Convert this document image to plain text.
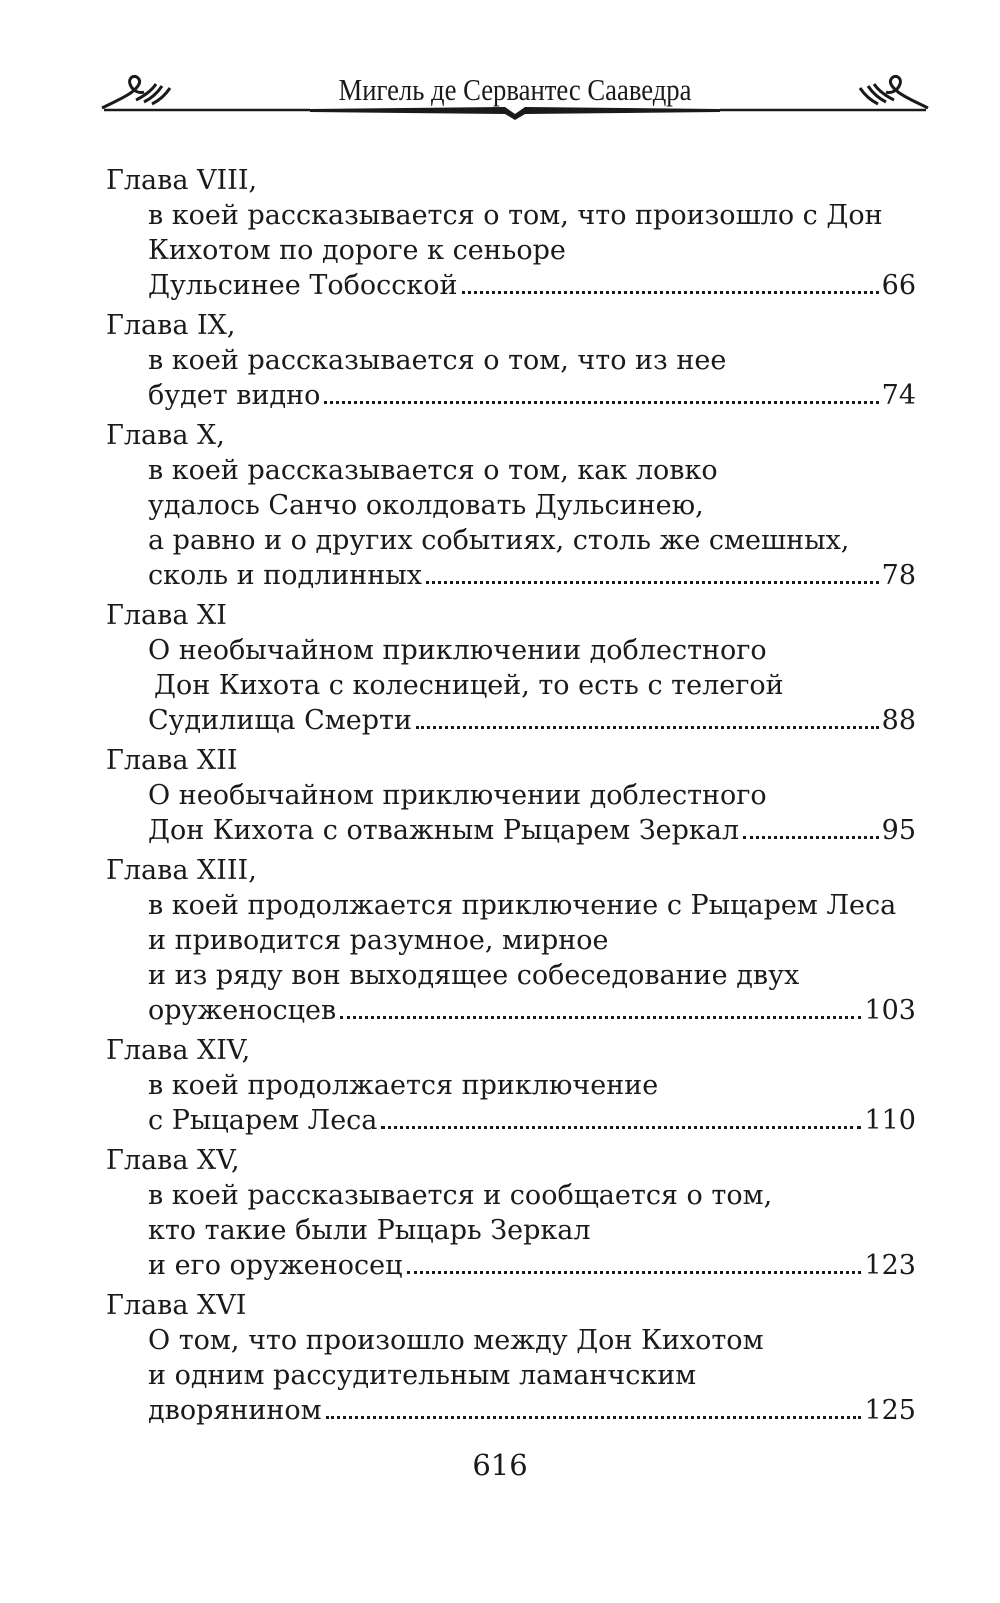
Мигель де Сервантес Сааведра
Глава VIII,
в коей рассказывается о том, что произошло с Дон
Кихотом по дороге к сеньоре
Дульсинее Тобосской	66
Глава IX,
в коей рассказывается о том, что из нее
будет видно	74
Глава X,
в коей рассказывается о том, как ловко
удалось Санчо околдовать Дульсинею,
а равно и о других событиях, столь же смешных,
сколь и подлинных	78
Глава XI
О необычайном приключении доблестного
Дон Кихота с колесницей, то есть с телегой
Судилища Смерти	88
Глава XII
О необычайном приключении доблестного
Дон Кихота с отважным Рыцарем Зеркал	95
Глава XIII,
в коей продолжается приключение с Рыцарем Леса
и приводится разумное, мирное
и из ряду вон выходящее собеседование двух
оруженосцев	103
Глава XIV,
в коей продолжается приключение
с Рыцарем Леса	110
Глава XV,
в коей рассказывается и сообщается о том,
кто такие были Рыцарь Зеркал
и его оруженосец	123
Глава XVI
О том, что произошло между Дон Кихотом
и одним рассудительным ламанчским
дворянином	125
616
